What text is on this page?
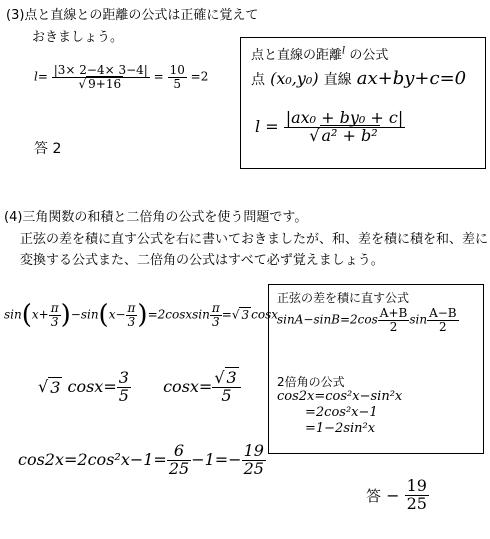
(3)点と直線との距離の公式は正確に覚えて
おきましょう。
$l= \frac{|3\times 2-4\times 3-4|}{√ 9+16} = \frac{10}{5} =2$
答 2
点と直線の距離$^l$ の公式
点 (x₀,y₀) 直線 ax+by+c=0
$l = \frac{\text{|ax₀ + by₀ + c|}}{\text{√ a² + b²}}$
(4)三角関数の和積と二倍角の公式を使う問題です。
正弦の差を積に直す公式を右に書いておきましたが、和、差を積に積を和、差に
変換する公式また、二倍角の公式はすべて必ず覚えましょう。
$\sin(x+ \frac{\pi}{3} )-\sin(x- \frac{\pi}{3}$ )=2cosxsin $\frac{\pi}{3}$ =√ 3 cosx
√ 3 $\cos x= \frac{3}{5} \cos x= \frac{√ 3}{5}$
$\cos 2x=2\cos^2x-1= \frac{6}{25} -1=- \frac{19}{25}$
正弦の差を積に直す公式
$\sin A-\sin B=2\cos \frac{A+B}{2}$ $\sin \frac{A-B}{2}$
2倍角の公式
cos2x=cos²x−sin²x
=2cos²x−1
=1−2sin²x
答 − $\frac{19}{25}$
